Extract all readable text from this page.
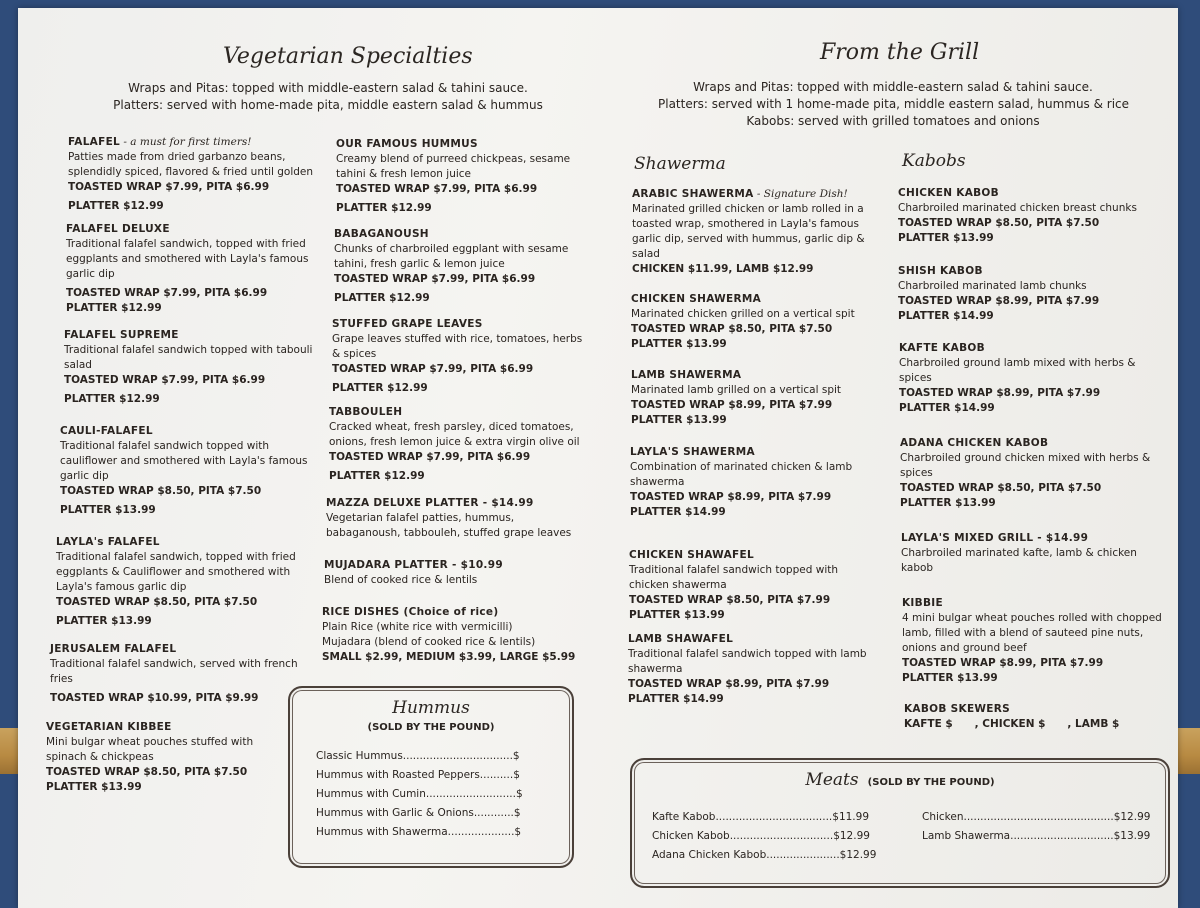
Vegetarian Specialties
Wraps and Pitas: topped with middle-eastern salad & tahini sauce.
Platters: served with home-made pita, middle eastern salad & hummus
FALAFEL - a must for first timers!
Patties made from dried garbanzo beans, splendidly spiced, flavored & fried until golden
TOASTED WRAP $7.99, PITA $6.99
PLATTER $12.99
FALAFEL DELUXE
Traditional falafel sandwich, topped with fried eggplants and smothered with Layla's famous garlic dip
TOASTED WRAP $7.99, PITA $6.99
PLATTER $12.99
FALAFEL SUPREME
Traditional falafel sandwich topped with tabouli salad
TOASTED WRAP $7.99, PITA $6.99
PLATTER $12.99
CAULI-FALAFEL
Traditional falafel sandwich topped with cauliflower and smothered with Layla's famous garlic dip
TOASTED WRAP $8.50, PITA $7.50
PLATTER $13.99
LAYLA's FALAFEL
Traditional falafel sandwich, topped with fried eggplants & Cauliflower and smothered with Layla's famous garlic dip
TOASTED WRAP $8.50, PITA $7.50
PLATTER $13.99
JERUSALEM FALAFEL
Traditional falafel sandwich, served with french fries
TOASTED WRAP $10.99, PITA $9.99
VEGETARIAN KIBBEE
Mini bulgar wheat pouches stuffed with spinach & chickpeas
TOASTED WRAP $8.50, PITA $7.50
PLATTER $13.99
OUR FAMOUS HUMMUS
Creamy blend of purreed chickpeas, sesame tahini & fresh lemon juice
TOASTED WRAP $7.99, PITA $6.99
PLATTER $12.99
BABAGANOUSH
Chunks of charbroiled eggplant with sesame tahini, fresh garlic & lemon juice
TOASTED WRAP $7.99, PITA $6.99
PLATTER $12.99
STUFFED GRAPE LEAVES
Grape leaves stuffed with rice, tomatoes, herbs & spices
TOASTED WRAP $7.99, PITA $6.99
PLATTER $12.99
TABBOULEH
Cracked wheat, fresh parsley, diced tomatoes, onions, fresh lemon juice & extra virgin olive oil
TOASTED WRAP $7.99, PITA $6.99
PLATTER $12.99
MAZZA DELUXE PLATTER - $14.99
Vegetarian falafel patties, hummus, babaganoush, tabbouleh, stuffed grape leaves
MUJADARA PLATTER - $10.99
Blend of cooked rice & lentils
RICE DISHES (Choice of rice)
Plain Rice (white rice with vermicilli)
Mujadara (blend of cooked rice & lentils)
SMALL $2.99, MEDIUM $3.99, LARGE $5.99
Hummus
(SOLD BY THE POUND)
Classic Hummus.................................$
Hummus with Roasted Peppers..........$
Hummus with Cumin...........................$
Hummus with Garlic & Onions............$
Hummus with Shawerma....................$
From the Grill
Wraps and Pitas: topped with middle-eastern salad & tahini sauce.
Platters: served with 1 home-made pita, middle eastern salad, hummus & rice
Kabobs: served with grilled tomatoes and onions
Shawerma	Kabobs
ARABIC SHAWERMA - Signature Dish!
Marinated grilled chicken or lamb rolled in a toasted wrap, smothered in Layla's famous garlic dip, served with hummus, garlic dip & salad
CHICKEN $11.99, LAMB $12.99
CHICKEN SHAWERMA
Marinated chicken grilled on a vertical spit
TOASTED WRAP $8.50, PITA $7.50
PLATTER $13.99
LAMB SHAWERMA
Marinated lamb grilled on a vertical spit
TOASTED WRAP $8.99, PITA $7.99
PLATTER $13.99
LAYLA'S SHAWERMA
Combination of marinated chicken & lamb shawerma
TOASTED WRAP $8.99, PITA $7.99
PLATTER $14.99
CHICKEN SHAWAFEL
Traditional falafel sandwich topped with chicken shawerma
TOASTED WRAP $8.50, PITA $7.99
PLATTER $13.99
LAMB SHAWAFEL
Traditional falafel sandwich topped with lamb shawerma
TOASTED WRAP $8.99, PITA $7.99
PLATTER $14.99
CHICKEN KABOB
Charbroiled marinated chicken breast chunks
TOASTED WRAP $8.50, PITA $7.50
PLATTER $13.99
SHISH KABOB
Charbroiled marinated lamb chunks
TOASTED WRAP $8.99, PITA $7.99
PLATTER $14.99
KAFTE KABOB
Charbroiled ground lamb mixed with herbs & spices
TOASTED WRAP $8.99, PITA $7.99
PLATTER $14.99
ADANA CHICKEN KABOB
Charbroiled ground chicken mixed with herbs & spices
TOASTED WRAP $8.50, PITA $7.50
PLATTER $13.99
LAYLA'S MIXED GRILL - $14.99
Charbroiled marinated kafte, lamb & chicken kabob
KIBBIE
4 mini bulgar wheat pouches rolled with chopped lamb, filled with a blend of sauteed pine nuts, onions and ground beef
TOASTED WRAP $8.99, PITA $7.99
PLATTER $13.99
KABOB SKEWERS
KAFTE $      , CHICKEN $      , LAMB $
Meats (SOLD BY THE POUND)
Kafte Kabob...................................$11.99
Chicken Kabob...............................$12.99
Adana Chicken Kabob......................$12.99
Chicken.............................................$12.99
Lamb Shawerma...............................$13.99
